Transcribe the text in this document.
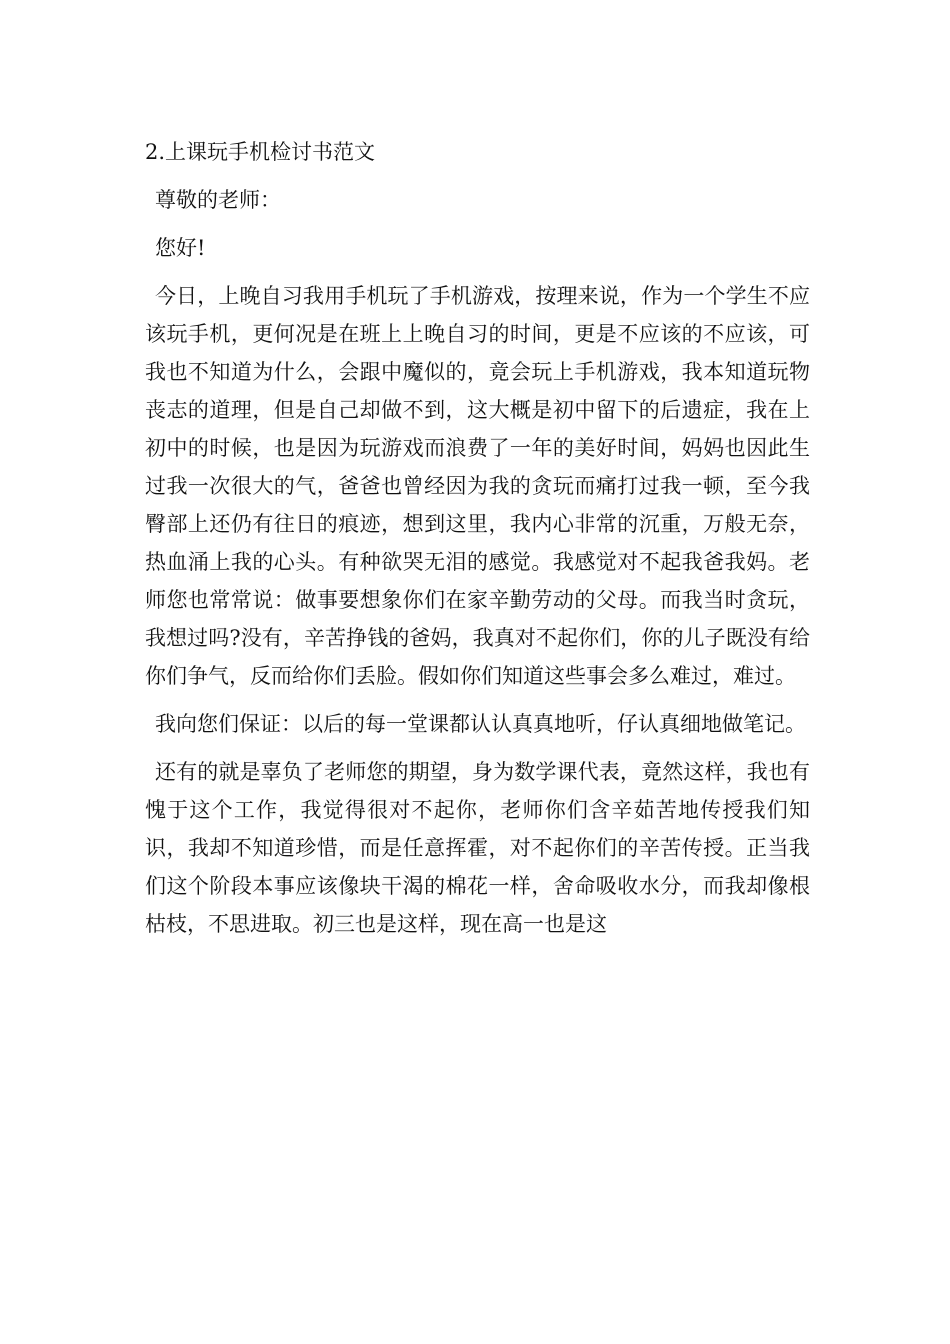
2.上课玩手机检讨书范文

尊敬的老师：

您好!

今日，上晚自习我用手机玩了手机游戏，按理来说，作为一个学生不应该玩手机，更何况是在班上上晚自习的时间，更是不应该的不应该，可我也不知道为什么，会跟中魔似的，竟会玩上手机游戏，我本知道玩物丧志的道理，但是自己却做不到，这大概是初中留下的后遗症，我在上初中的时候，也是因为玩游戏而浪费了一年的美好时间，妈妈也因此生过我一次很大的气，爸爸也曾经因为我的贪玩而痛打过我一顿，至今我臀部上还仍有往日的痕迹，想到这里，我内心非常的沉重，万般无奈，热血涌上我的心头。有种欲哭无泪的感觉。我感觉对不起我爸我妈。老师您也常常说：做事要想象你们在家辛勤劳动的父母。而我当时贪玩，我想过吗?没有，辛苦挣钱的爸妈，我真对不起你们，你的儿子既没有给你们争气，反而给你们丢脸。假如你们知道这些事会多么难过，难过。

我向您们保证：以后的每一堂课都认认真真地听，仔认真细地做笔记。

还有的就是辜负了老师您的期望，身为数学课代表，竟然这样，我也有愧于这个工作，我觉得很对不起你，老师你们含辛茹苦地传授我们知识，我却不知道珍惜，而是任意挥霍，对不起你们的辛苦传授。正当我们这个阶段本事应该像块干渴的棉花一样，舍命吸收水分，而我却像根枯枝，不思进取。初三也是这样，现在高一也是这
